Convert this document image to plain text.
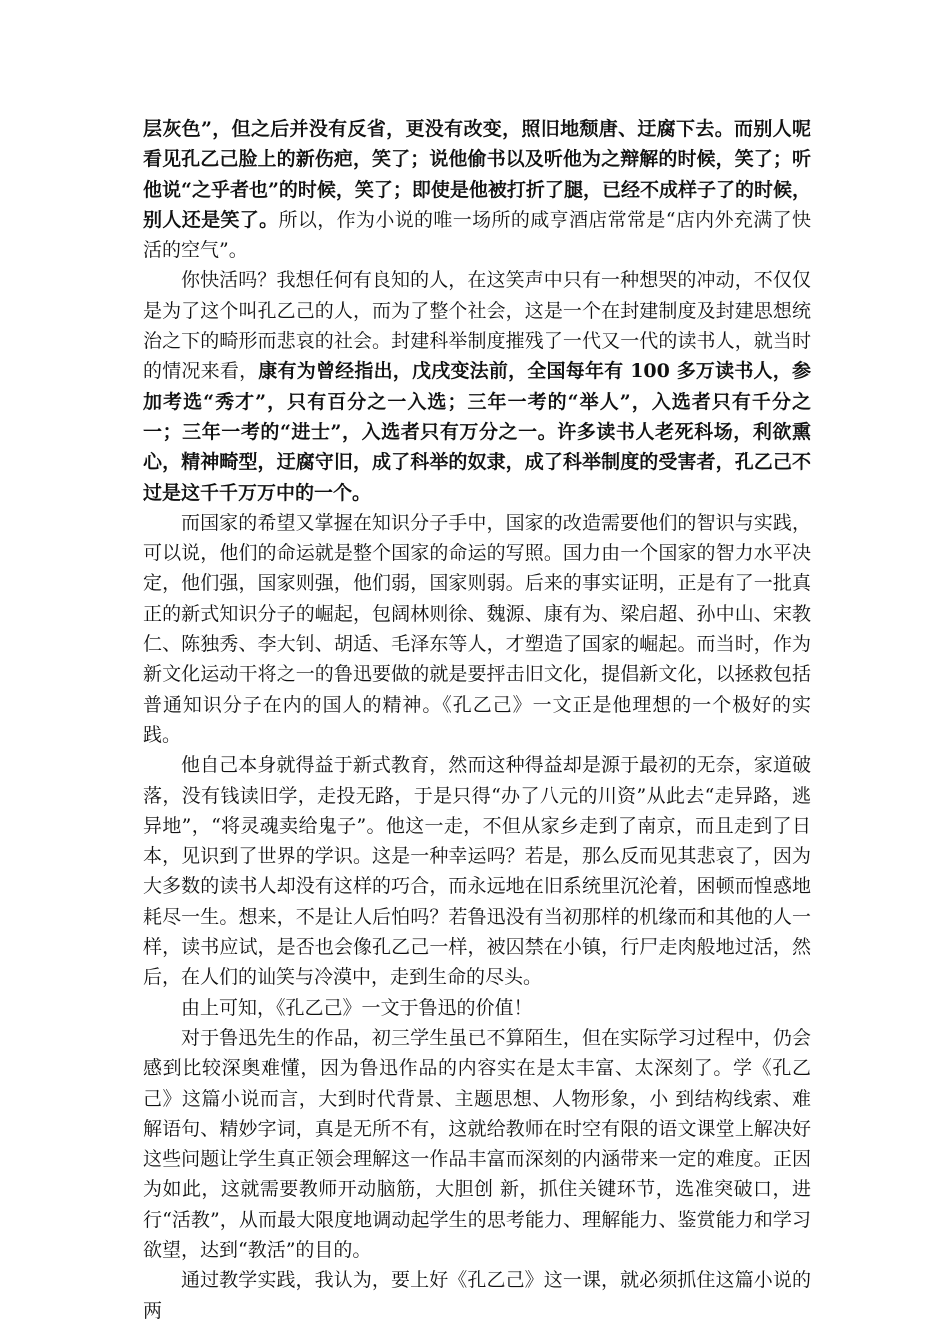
层灰色”，但之后并没有反省，更没有改变，照旧地颓唐、迂腐下去。而别人呢看见孔乙己脸上的新伤疤，笑了；说他偷书以及听他为之辩解的时候，笑了；听他说“之乎者也”的时候，笑了；即使是他被打折了腿，已经不成样子了的时候，别人还是笑了。所以，作为小说的唯一场所的咸亨酒店常常是“店内外充满了快活的空气”。

你快活吗？我想任何有良知的人，在这笑声中只有一种想哭的冲动，不仅仅是为了这个叫孔乙己的人，而为了整个社会，这是一个在封建制度及封建思想统治之下的畸形而悲哀的社会。封建科举制度摧残了一代又一代的读书人，就当时的情况来看，康有为曾经指出，戊戌变法前，全国每年有 100 多万读书人，参加考选“秀才”，只有百分之一入选；三年一考的“举人”，入选者只有千分之一；三年一考的“进士”，入选者只有万分之一。许多读书人老死科场，利欲熏心，精神畸型，迂腐守旧，成了科举的奴隶，成了科举制度的受害者，孔乙己不过是这千千万万中的一个。

而国家的希望又掌握在知识分子手中，国家的改造需要他们的智识与实践，可以说，他们的命运就是整个国家的命运的写照。国力由一个国家的智力水平决定，他们强，国家则强，他们弱，国家则弱。后来的事实证明，正是有了一批真正的新式知识分子的崛起，包阔林则徐、魏源、康有为、梁启超、孙中山、宋教仁、陈独秀、李大钊、胡适、毛泽东等人，才塑造了国家的崛起。而当时，作为新文化运动干将之一的鲁迅要做的就是要抨击旧文化，提倡新文化，以拯救包括普通知识分子在内的国人的精神。《孔乙己》一文正是他理想的一个极好的实践。

他自己本身就得益于新式教育，然而这种得益却是源于最初的无奈，家道破落，没有钱读旧学，走投无路，于是只得“办了八元的川资”从此去“走异路，逃异地”，“将灵魂卖给鬼子”。他这一走，不但从家乡走到了南京，而且走到了日本，见识到了世界的学识。这是一种幸运吗？若是，那么反而见其悲哀了，因为大多数的读书人却没有这样的巧合，而永远地在旧系统里沉沦着，困顿而惶惑地耗尽一生。想来，不是让人后怕吗？若鲁迅没有当初那样的机缘而和其他的人一样，读书应试，是否也会像孔乙己一样，被囚禁在小镇，行尸走肉般地过活，然后，在人们的讪笑与冷漠中，走到生命的尽头。

由上可知，《孔乙己》一文于鲁迅的价值！

对于鲁迅先生的作品，初三学生虽已不算陌生，但在实际学习过程中，仍会感到比较深奥难懂，因为鲁迅作品的内容实在是太丰富、太深刻了。学《孔乙己》这篇小说而言，大到时代背景、主题思想、人物形象，小 到结构线索、难解语句、精妙字词，真是无所不有，这就给教师在时空有限的语文课堂上解决好这些问题让学生真正领会理解这一作品丰富而深刻的内涵带来一定的难度。正因为如此，这就需要教师开动脑筋，大胆创 新，抓住关键环节，选准突破口，进行“活教”，从而最大限度地调动起学生的思考能力、理解能力、鉴赏能力和学习欲望，达到“教活”的目的。

通过教学实践，我认为，要上好《孔乙己》这一课，就必须抓住这篇小说的两
